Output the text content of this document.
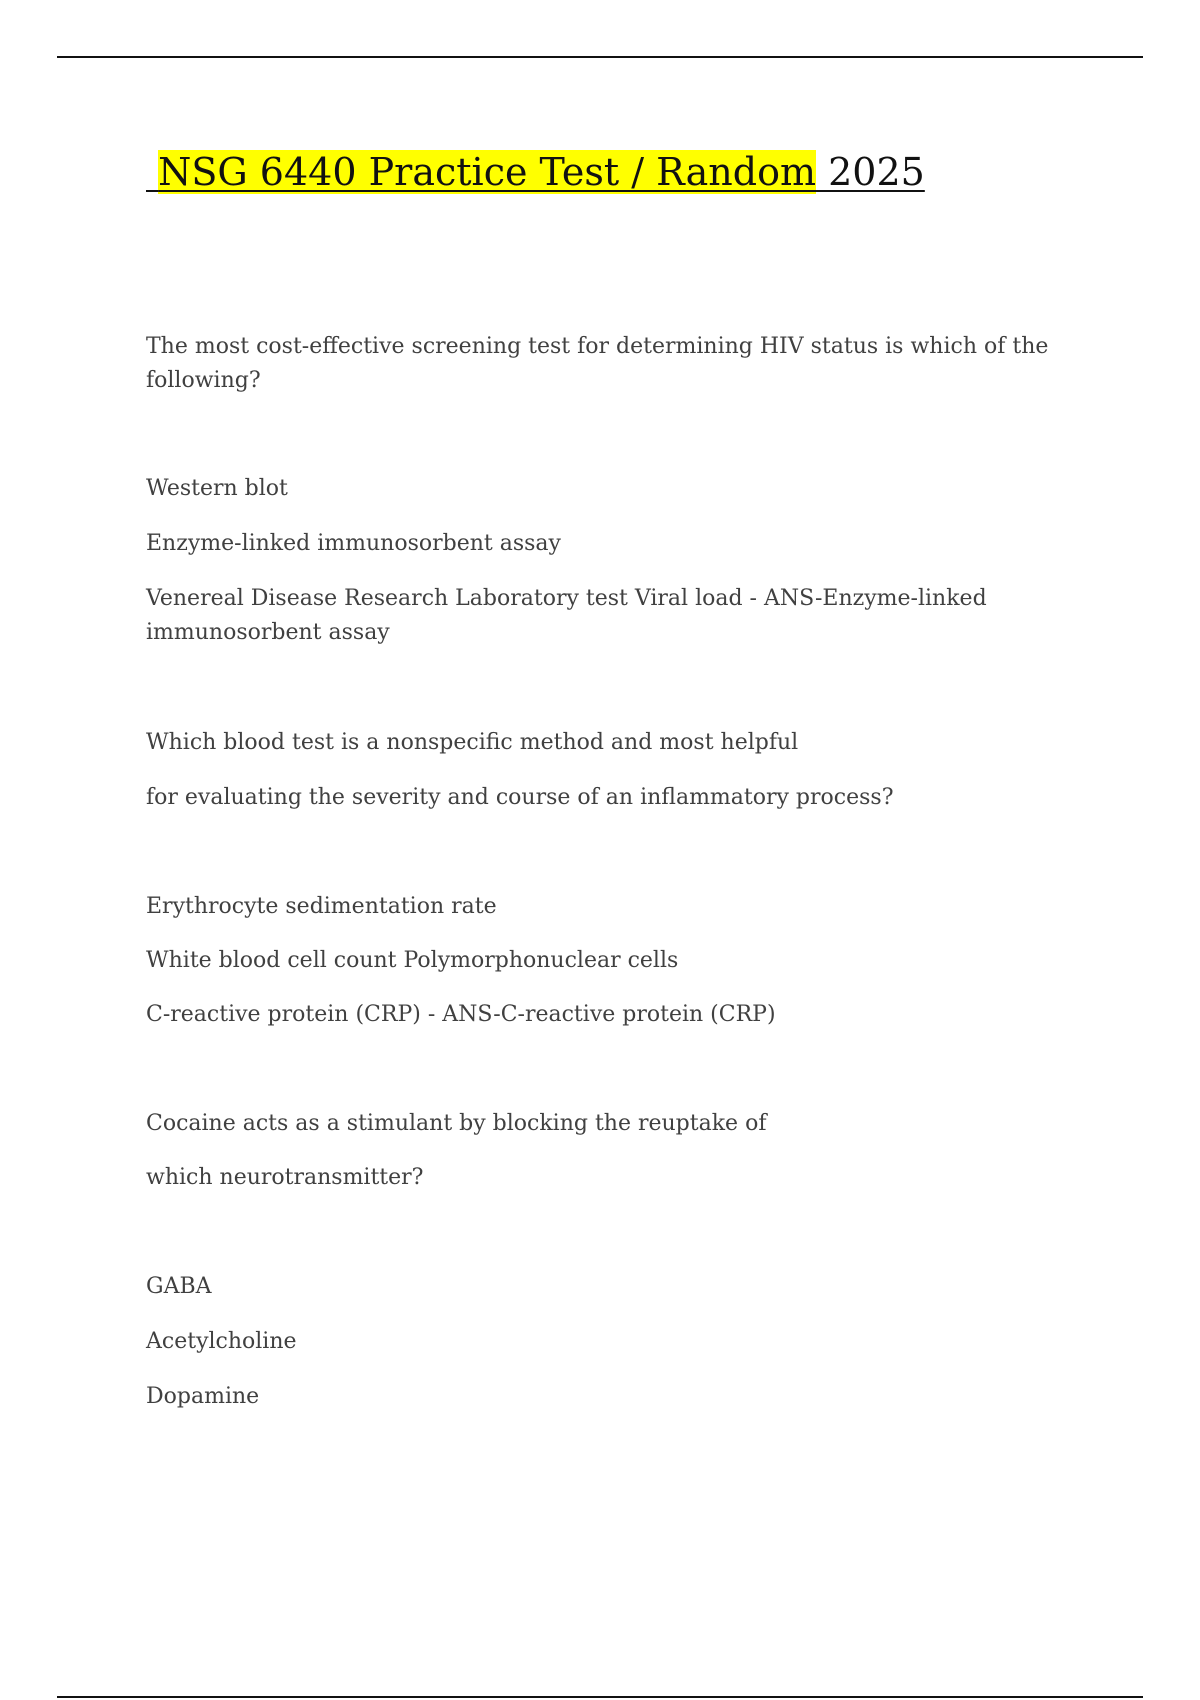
NSG 6440 Practice Test / Random 2025

The most cost-effective screening test for determining HIV status is which of the following?

Western blot

Enzyme-linked immunosorbent assay

Venereal Disease Research Laboratory test Viral load - ANS-Enzyme-linked immunosorbent assay

Which blood test is a nonspecific method and most helpful

for evaluating the severity and course of an inflammatory process?

Erythrocyte sedimentation rate

White blood cell count Polymorphonuclear cells

C-reactive protein (CRP) - ANS-C-reactive protein (CRP)

Cocaine acts as a stimulant by blocking the reuptake of

which neurotransmitter?

GABA

Acetylcholine

Dopamine
